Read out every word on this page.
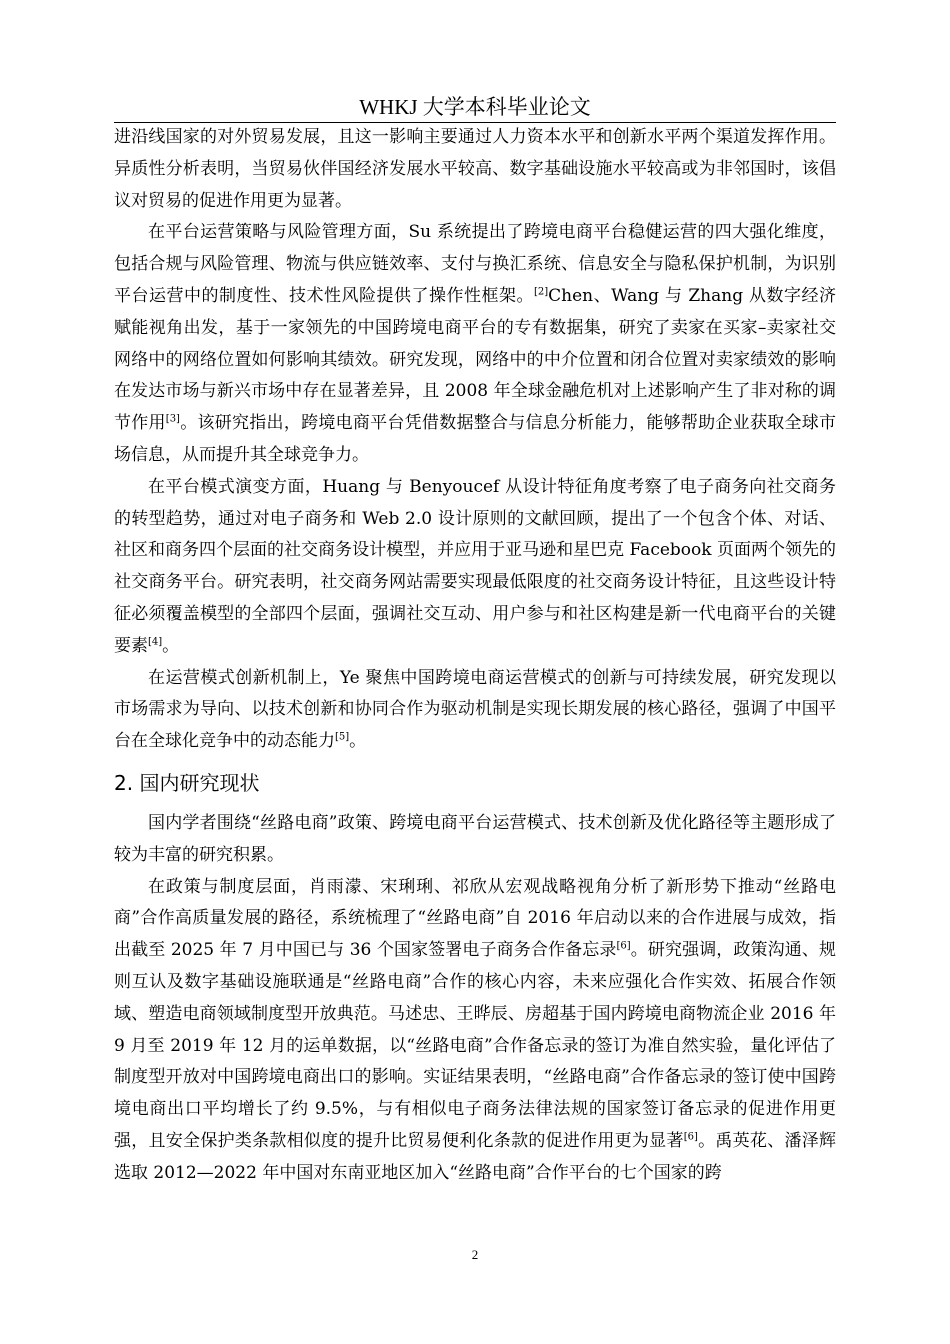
WHKJ 大学本科毕业论文

进沿线国家的对外贸易发展，且这一影响主要通过人力资本水平和创新水平两个渠道发挥作用。异质性分析表明，当贸易伙伴国经济发展水平较高、数字基础设施水平较高或为非邻国时，该倡议对贸易的促进作用更为显著。

在平台运营策略与风险管理方面，Su 系统提出了跨境电商平台稳健运营的四大强化维度，包括合规与风险管理、物流与供应链效率、支付与换汇系统、信息安全与隐私保护机制，为识别平台运营中的制度性、技术性风险提供了操作性框架。[2]Chen、Wang 与 Zhang 从数字经济赋能视角出发，基于一家领先的中国跨境电商平台的专有数据集，研究了卖家在买家–卖家社交网络中的网络位置如何影响其绩效。研究发现，网络中的中介位置和闭合位置对卖家绩效的影响在发达市场与新兴市场中存在显著差异，且 2008 年全球金融危机对上述影响产生了非对称的调节作用[3]。该研究指出，跨境电商平台凭借数据整合与信息分析能力，能够帮助企业获取全球市场信息，从而提升其全球竞争力。

在平台模式演变方面，Huang 与 Benyoucef 从设计特征角度考察了电子商务向社交商务的转型趋势，通过对电子商务和 Web 2.0 设计原则的文献回顾，提出了一个包含个体、对话、社区和商务四个层面的社交商务设计模型，并应用于亚马逊和星巴克 Facebook 页面两个领先的社交商务平台。研究表明，社交商务网站需要实现最低限度的社交商务设计特征，且这些设计特征必须覆盖模型的全部四个层面，强调社交互动、用户参与和社区构建是新一代电商平台的关键要素[4]。

在运营模式创新机制上，Ye 聚焦中国跨境电商运营模式的创新与可持续发展，研究发现以市场需求为导向、以技术创新和协同合作为驱动机制是实现长期发展的核心路径，强调了中国平台在全球化竞争中的动态能力[5]。

2. 国内研究现状

国内学者围绕“丝路电商”政策、跨境电商平台运营模式、技术创新及优化路径等主题形成了较为丰富的研究积累。

在政策与制度层面，肖雨濛、宋琍琍、祁欣从宏观战略视角分析了新形势下推动“丝路电商”合作高质量发展的路径，系统梳理了“丝路电商”自 2016 年启动以来的合作进展与成效，指出截至 2025 年 7 月中国已与 36 个国家签署电子商务合作备忘录[6]。研究强调，政策沟通、规则互认及数字基础设施联通是“丝路电商”合作的核心内容，未来应强化合作实效、拓展合作领域、塑造电商领域制度型开放典范。马述忠、王晔辰、房超基于国内跨境电商物流企业 2016 年 9 月至 2019 年 12 月的运单数据，以“丝路电商”合作备忘录的签订为准自然实验，量化评估了制度型开放对中国跨境电商出口的影响。实证结果表明，“丝路电商”合作备忘录的签订使中国跨境电商出口平均增长了约 9.5%，与有相似电子商务法律法规的国家签订备忘录的促进作用更强，且安全保护类条款相似度的提升比贸易便利化条款的促进作用更为显著[6]。禹英花、潘泽辉选取 2012—2022 年中国对东南亚地区加入“丝路电商”合作平台的七个国家的跨

2
